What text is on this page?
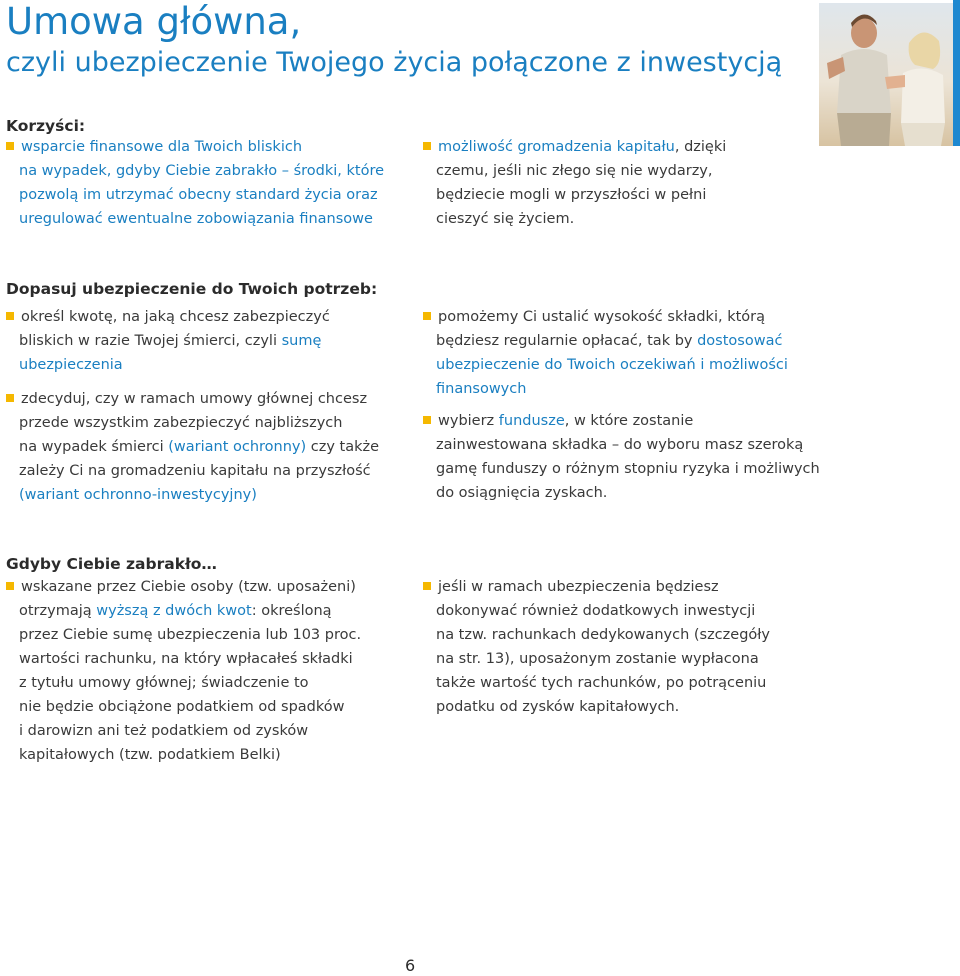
Umowa główna,
czyli ubezpieczenie Twojego życia połączone z inwestycją
Korzyści:
wsparcie finansowe dla Twoich bliskich
na wypadek, gdyby Ciebie zabrakło – środki, które
pozwolą im utrzymać obecny standard życia oraz
uregulować ewentualne zobowiązania finansowe
możliwość gromadzenia kapitału, dzięki
czemu, jeśli nic złego się nie wydarzy,
będziecie mogli w przyszłości w pełni
cieszyć się życiem.
Dopasuj ubezpieczenie do Twoich potrzeb:
określ kwotę, na jaką chcesz zabezpieczyć
bliskich w razie Twojej śmierci, czyli sumę
ubezpieczenia
zdecyduj, czy w ramach umowy głównej chcesz
przede wszystkim zabezpieczyć najbliższych
na wypadek śmierci (wariant ochronny) czy także
zależy Ci na gromadzeniu kapitału na przyszłość
(wariant ochronno-inwestycyjny)
pomożemy Ci ustalić wysokość składki, którą
będziesz regularnie opłacać, tak by dostosować
ubezpieczenie do Twoich oczekiwań i możliwości
finansowych
wybierz fundusze, w które zostanie
zainwestowana składka – do wyboru masz szeroką
gamę funduszy o różnym stopniu ryzyka i możliwych
do osiągnięcia zyskach.
Gdyby Ciebie zabrakło…
wskazane przez Ciebie osoby (tzw. uposażeni)
otrzymają wyższą z dwóch kwot: określoną
przez Ciebie sumę ubezpieczenia lub 103 proc.
wartości rachunku, na który wpłacałeś składki
z tytułu umowy głównej; świadczenie to
nie będzie obciążone podatkiem od spadków
i darowizn ani też podatkiem od zysków
kapitałowych (tzw. podatkiem Belki)
jeśli w ramach ubezpieczenia będziesz
dokonywać również dodatkowych inwestycji
na tzw. rachunkach dedykowanych (szczegóły
na str. 13), uposażonym zostanie wypłacona
także wartość tych rachunków, po potrąceniu
podatku od zysków kapitałowych.
6
